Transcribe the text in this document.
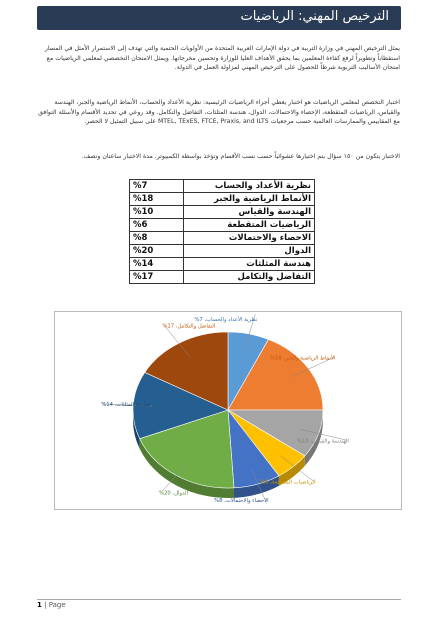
الترخيص المهني: الرياضيات
يمثل الترخيص المهني في وزارة التربية في دولة الإمارات العربية المتحدة من الأولويات الحتمية والتي تهدف إلى الاستمرار الأمثل في المسار استقطاباً وتطويراً لرفع كفاءة المعلمين بما يحقق الأهداف العليا للوزارة وتحسين مخرجاتها. ويمثل الامتحان التخصصي لمعلمي الرياضيات مع امتحان الأساليب التربوية شرطاً للحصول على الترخيص المهني لمزاولة العمل في الدولة.
اختبار التخصص لمعلمي الرياضيات هو اختبار يغطي أجزاء الرياضيات الرئيسية: نظرية الأعداد والحساب، الأنماط الرياضية والجبر، الهندسة والقياس، الرياضيات المتقطعة، الإحصاء والاحتمالات، الدوال، هندسة المثلثات، التفاضل والتكامل. وقد روعي في تحديد الأقسام والأسئلة التوافق مع المقاييس والممارسات العالمية حسب مرجعيات MTEL, TExES, FTCE, Praxis, and ILTS على سبيل التمثيل لا الحصر.
الاختبار يتكون من ١٥٠ سؤال يتم اختيارها عشوائياً حسب نسب الأقسام وتؤخذ بواسطة الكمبيوتر. مدة الاختبار ساعتان ونصف.
نظرية الأعداد والحساب	%7
الأنماط الرياضية والجبر	%18
الهندسة والقياس	%10
الرياضيات المتقطعة	%6
الاحصاء والاحتمالات	%8
الدوال	%20
هندسة المثلثات	%14
التفاضل والتكامل	%17
نظرية الأعداد والحساب، 7%
الأنماط الرياضية والجبر، 18%
الهندسة والقياس، 10%
الرياضيات المتقطعة، 6%
الاحصاء والاحتمالات، 8%
الدوال، 20%
هندسة المثلثات، 14%
التفاضل والتكامل، 17%
1 | Page
